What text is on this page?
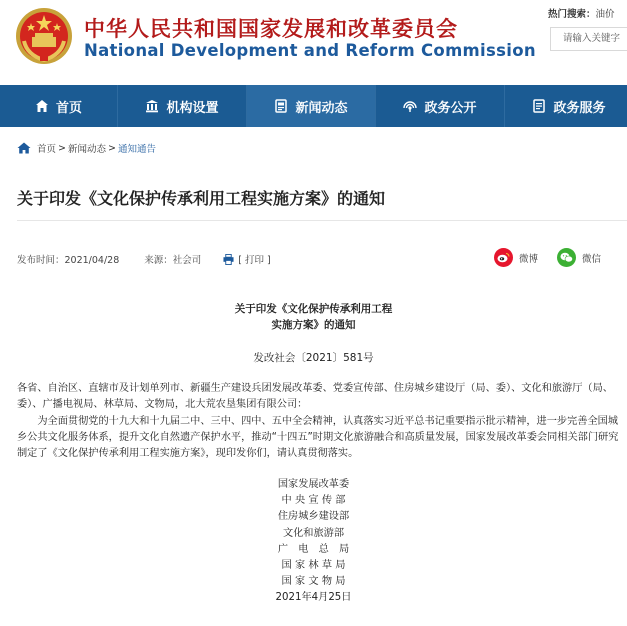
中华人民共和国国家发展和改革委员会
National Development and Reform Commission
热门搜索：油价
请输入关键字
首页	机构设置	新闻动态	政务公开	政务服务
首页 > 新闻动态 > 通知通告
关于印发《文化保护传承利用工程实施方案》的通知
发布时间：2021/04/28	来源：社会司	[ 打印 ]	微博	微信
关于印发《文化保护传承利用工程
实施方案》的通知
发改社会〔2021〕581号

各省、自治区、直辖市及计划单列市、新疆生产建设兵团发展改革委、党委宣传部、住房城乡建设厅（局、委）、文化和旅游厅（局、委）、广播电视局、林草局、文物局，北大荒农垦集团有限公司：

　　为全面贯彻党的十九大和十九届二中、三中、四中、五中全会精神，认真落实习近平总书记重要指示批示精神，进一步完善全国城乡公共文化服务体系，提升文化自然遗产保护水平，推动“十四五”时期文化旅游融合和高质量发展，国家发展改革委会同相关部门研究制定了《文化保护传承利用工程实施方案》，现印发你们，请认真贯彻落实。

国家发展改革委
中 央 宣 传 部
住房城乡建设部
文化和旅游部
广　电　总　局
国 家 林 草 局
国 家 文 物 局
2021年4月25日
